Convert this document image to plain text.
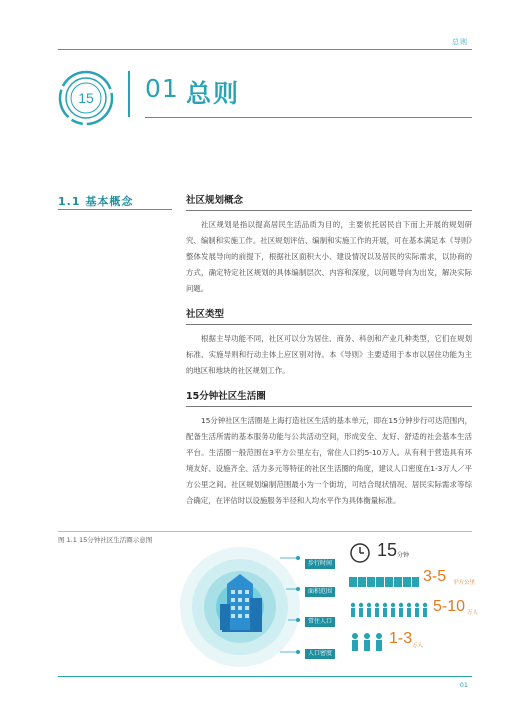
总则
15 01 总则
1.1 基本概念	社区规划概念

社区规划是指以提高居民生活品质为目的，主要依托居民自下而上开展的规划研究、编制和实施工作。社区规划评估、编制和实施工作的开展，可在基本满足本《导则》整体发展导向的前提下，根据社区面积大小、建设情况以及居民的实际需求，以协商的方式，确定特定社区规划的具体编制层次、内容和深度，以问题导向为出发，解决实际问题。

社区类型

根据主导功能不同，社区可以分为居住、商务、科创和产业几种类型，它们在规划标准、实施导则和行动主体上应区别对待。本《导则》主要适用于本市以居住功能为主的地区和地块的社区规划工作。

15分钟社区生活圈

15分钟社区生活圈是上海打造社区生活的基本单元，即在15分钟步行可达范围内，配备生活所需的基本服务功能与公共活动空间，形成安全、友好、舒适的社会基本生活平台。生活圈一般范围在3平方公里左右，常住人口约5-10万人。从有利于营造具有环境友好、设施齐全、活力多元等特征的社区生活圈的角度，建议人口密度在1-3万人／平方公里之间。社区规划编制范围最小为一个街坊，可结合现状情况、居民实际需求等综合确定，在评估时以设施服务半径和人均水平作为具体衡量标准。

图 1.1 15分钟社区生活圈示意图
步行时间
15 分钟
面积范围
3-5 平方公里
常住人口
5-10 万人
人口密度
1-3 万人
01
